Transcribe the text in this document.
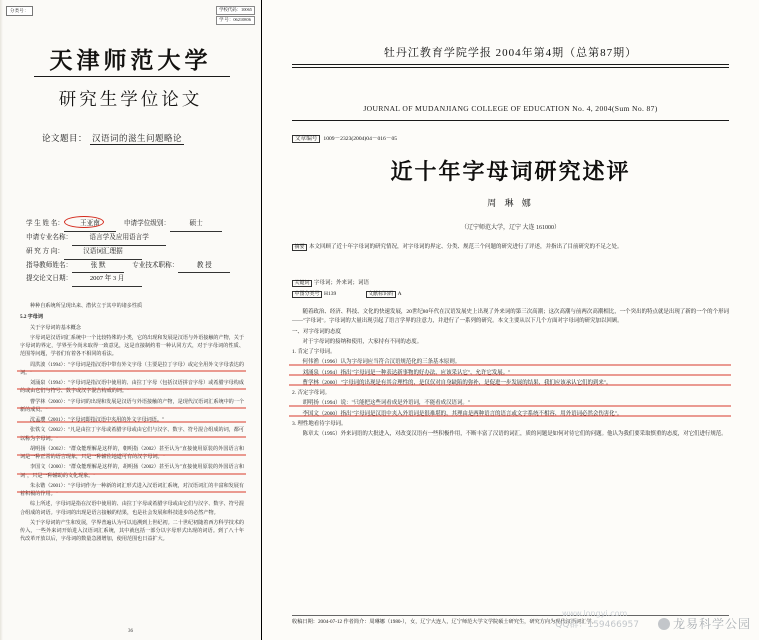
分类号：	学校代码：10065
学 号：06210806
天津师范大学
研究生学位论文
论文题目： 汉语词的滋生问题略论
学 生 姓 名： 王亚南	申请学位级别：	硕士
申请专业名称：	语言学及应用语言学
研 究 方 向：	汉语词汇理据
指导教师姓名：	张 默	专业技术职称：	教 授
提交论文日期：	2007 年 3 月

种种自系统所呈现出来、潜伏立于其中的诸多性质

5.2 字母词

关于字母词的基本概念

字母词是汉语词汇系统中一个比较特殊的小类，它的出现和发展是汉语与外语接触的产物，关于字母词的界定，学界至今尚未取得一致意见，这是直接制约着一种认同方式，对于字母词的性质、范围等问题，学者们有着各不相同的看法。

周洪波（1994）："字母词是指汉语中带有外文字母（主要是拉丁字母）或完全用外文字母表达的词。"

刘涌泉（1994）："字母词是指汉语中使用的、由拉丁字母（包括汉语拼音字母）或希腊字母构成的或由它们与符号、数字或汉字混合构成的词。"

曹学林（2000）："字母词的出现和发展是汉语与外语接触的产物，是现代汉语词汇系统中的一个新的成员。"

沈孟璎（2001）："字母词即指汉语中夹用的外文字母词语。"

张铁文（2002）："凡是由拉丁字母或希腊字母或由它们与汉字、数字、符号混合组成的词，都可以称为字母词。"

胡明扬（2002）："群众能理解是这样的，朝明指（2002）甚至认为"直接使用原装的外国语言和词是一种正常的语言现象，只是一种辅佐地道可有的汉字母词。"

李国文（2000）："群众能理解是这样的，胡明扬（2002）甚至认为"直接使用原装的外国语言和词"，只是一种辅助的文化现象。"

朱永锴（2001）："字母词作为一种新的词汇形式进入汉语词汇系统，对汉语词汇的丰富和发展有着积极的作用。"

综上所述，字母词是指在汉语中使用的、由拉丁字母或希腊字母或由它们与汉字、数字、符号混合组成的词语。字母词的出现是语言接触的结果，也是社会发展和科技进步的必然产物。

关于字母词的产生和发展，学界普遍认为可以追溯到上世纪初。二十世纪初随着西方科学技术的传入，一些外来词开始进入汉语词汇系统，其中就包括一部分以字母形式出现的词语。到了八十年代改革开放以后，字母词的数量急剧增加，使用范围也日益扩大。

36
牡丹江教育学院学报 2004年第4期（总第87期）
JOURNAL OF MUDANJIANG COLLEGE OF EDUCATION No. 4, 2004(Sum No. 87)
文章编号 1009－2323(2004)04－016－05
近十年字母词研究述评
周 琳 娜
（辽宁师范大学，辽宁 大连 161000）
摘要 本文回顾了近十年字母词的研究情况，对字母词的界定、分类、规范三个问题的研究进行了评述，并指出了目前研究的不足之处。
关键词 字母词；外来词；词语
中图分类号 H139	文献标识码 A

随着政治、经济、科技、文化的快速发展，20世纪80年代在汉语发展史上出现了外来词的第三次高潮；这次高潮与前两次高潮相比，一个突出的特点就是出现了新的一个的个形词——"字母词"。字母词的大量出现引起了语言学界的注意力，并进行了一系列的研究。本文主要从以下几个方面对字母词的研究加以回顾。

一、对字母词的态度

对于字母词的接纳和使用，大家持有不同的态度。

1. 肯定了字母词。

何伟渔（1996）认为字母词应当符合汉语规范化的三条基本原则。

刘涌泉（1994）指出"字母词是一种表达新事物的好办法，应该采认它"，允许它发展。"

曹学林（2000）"字母词的出现是有其合理性的，是仅仅对自身缺陷的弥补，是促进一步发展的结果，我们应该承认它们的到来"。

2. 否定字母词。

胡明扬（1994）说："只能把这些词看成是外语词，不能看成汉语词。"

李国文（2000）指出"字母词是汉语中夹入外语词是很难堪的，其理由是两种语言的语言或文字系统不相容，用外语词必然会伤害化"。

3. 理性地看待字母词。

陈章太（1995）外来词语的大批进入，对改变汉语有一些积极作用，不断丰富了汉语的词汇，质的问题是如何对待它们的问题。他认为我们要采取慎重的态度，对它们进行规范。

收稿日期：2004-07-12 作者简介：周琳娜（1980-），女，辽宁大连人，辽宁师范大学文学院硕士研究生，研究方向为现代汉语词汇学。
www.longyi.com
QQ群：159466957	龙易科学公园
